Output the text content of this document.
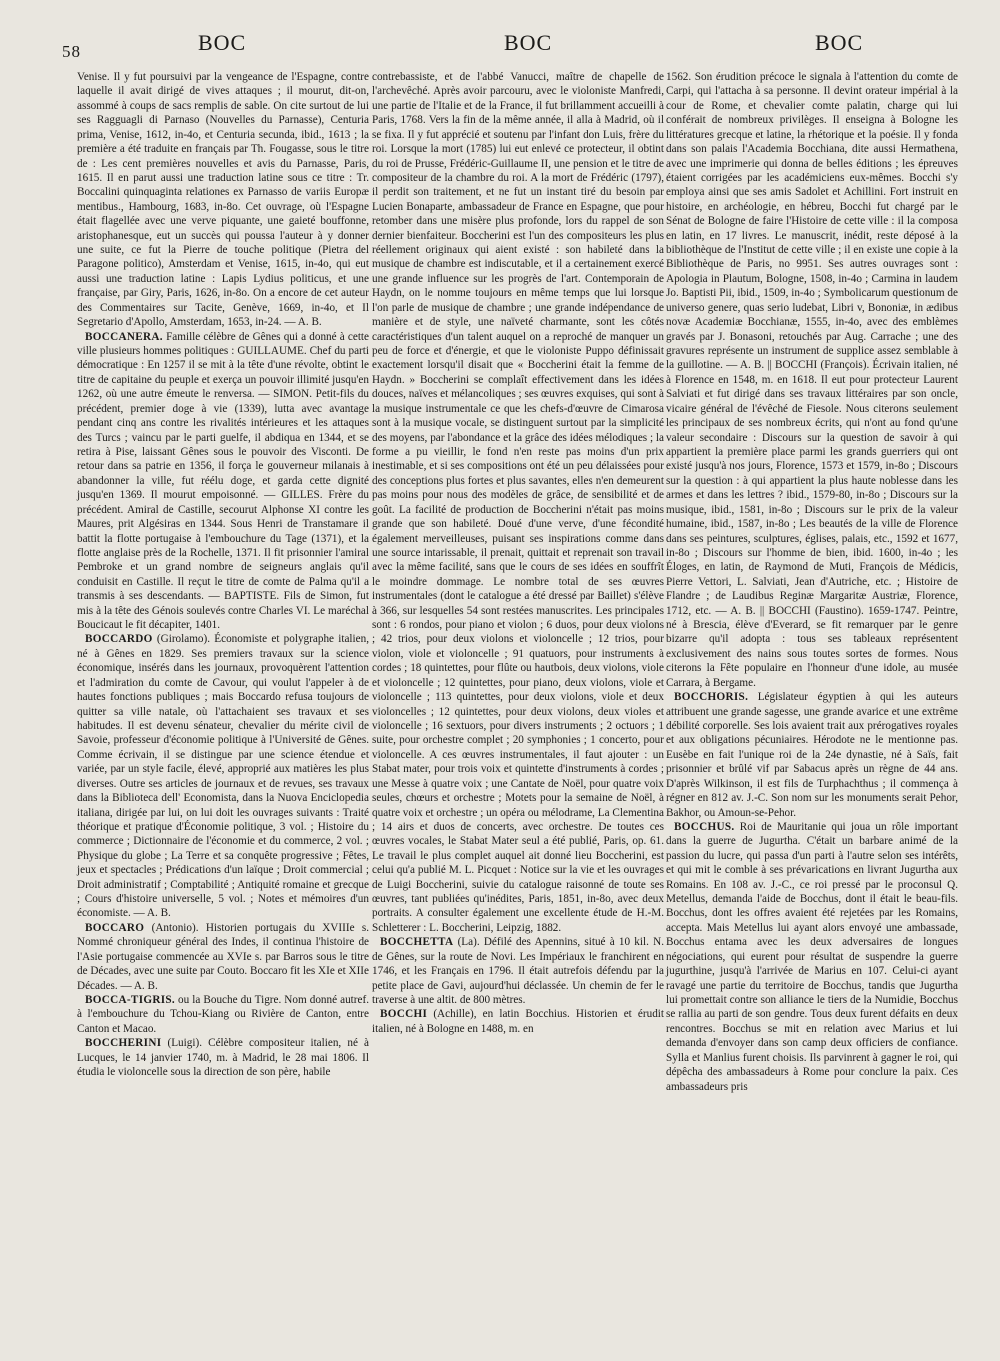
58	BOC	BOC	BOC

Venise. Il y fut poursuivi par la vengeance de l'Espagne, contre laquelle il avait dirigé de vives attaques ; il mourut, dit-on, assommé à coups de sacs remplis de sable. On cite surtout de lui ses Ragguagli di Parnaso (Nouvelles du Parnasse), Centuria prima, Venise, 1612, in-4o, et Centuria secunda, ibid., 1613 ; la première a été traduite en français par Th. Fougasse, sous le titre de : Les cent premières nouvelles et avis du Parnasse, Paris, 1615. Il en parut aussi une traduction latine sous ce titre : Tr. Boccalini quinquaginta relationes ex Parnasso de variis Europæ mentibus., Hambourg, 1683, in-8o. Cet ouvrage, où l'Espagne était flagellée avec une verve piquante, une gaieté bouffonne, aristophanesque, eut un succès qui poussa l'auteur à y donner une suite, ce fut la Pierre de touche politique (Pietra del Paragone politico), Amsterdam et Venise, 1615, in-4o, qui eut aussi une traduction latine : Lapis Lydius politicus, et une française, par Giry, Paris, 1626, in-8o. On a encore de cet auteur des Commentaires sur Tacite, Genève, 1669, in-4o, et Il Segretario d'Apollo, Amsterdam, 1653, in-24. — A. B.

BOCCANERA. Famille célèbre de Gênes qui a donné à cette ville plusieurs hommes politiques : GUILLAUME. Chef du parti démocratique : En 1257 il se mit à la tête d'une révolte, obtint le titre de capitaine du peuple et exerça un pouvoir illimité jusqu'en 1262, où une autre émeute le renversa. — SIMON. Petit-fils du précédent, premier doge à vie (1339), lutta avec avantage pendant cinq ans contre les rivalités intérieures et les attaques des Turcs ; vaincu par le parti guelfe, il abdiqua en 1344, et se retira à Pise, laissant Gênes sous le pouvoir des Visconti. De retour dans sa patrie en 1356, il força le gouverneur milanais à abandonner la ville, fut réélu doge, et garda cette dignité jusqu'en 1369. Il mourut empoisonné. — GILLES. Frère du précédent. Amiral de Castille, secourut Alphonse XI contre les Maures, prit Algésiras en 1344. Sous Henri de Transtamare il battit la flotte portugaise à l'embouchure du Tage (1371), et la flotte anglaise près de la Rochelle, 1371. Il fit prisonnier l'amiral Pembroke et un grand nombre de seigneurs anglais qu'il conduisit en Castille. Il reçut le titre de comte de Palma qu'il a transmis à ses descendants. — BAPTISTE. Fils de Simon, fut mis à la tête des Génois soulevés contre Charles VI. Le maréchal Boucicaut le fit décapiter, 1401.

BOCCARDO (Girolamo). Économiste et polygraphe italien, né à Gênes en 1829. Ses premiers travaux sur la science économique, insérés dans les journaux, provoquèrent l'attention et l'admiration du comte de Cavour, qui voulut l'appeler à de hautes fonctions publiques ; mais Boccardo refusa toujours de quitter sa ville natale, où l'attachaient ses travaux et ses habitudes. Il est devenu sénateur, chevalier du mérite civil de Savoie, professeur d'économie politique à l'Université de Gênes. Comme écrivain, il se distingue par une science étendue et variée, par un style facile, élevé, approprié aux matières les plus diverses. Outre ses articles de journaux et de revues, ses travaux dans la Biblioteca dell' Economista, dans la Nuova Enciclopedia italiana, dirigée par lui, on lui doit les ouvrages suivants : Traité théorique et pratique d'Économie politique, 3 vol. ; Histoire du commerce ; Dictionnaire de l'économie et du commerce, 2 vol. ; Physique du globe ; La Terre et sa conquête progressive ; Fêtes, jeux et spectacles ; Prédications d'un laïque ; Droit commercial ; Droit administratif ; Comptabilité ; Antiquité romaine et grecque ; Cours d'histoire universelle, 5 vol. ; Notes et mémoires d'un économiste. — A. B.

BOCCARO (Antonio). Historien portugais du XVIIIe s. Nommé chroniqueur général des Indes, il continua l'histoire de l'Asie portugaise commencée au XVIe s. par Barros sous le titre de Décades, avec une suite par Couto. Boccaro fit les XIe et XIIe Décades. — A. B.

BOCCA-TIGRIS. ou la Bouche du Tigre. Nom donné autref. à l'embouchure du Tchou-Kiang ou Rivière de Canton, entre Canton et Macao.

BOCCHERINI (Luigi). Célèbre compositeur italien, né à Lucques, le 14 janvier 1740, m. à Madrid, le 28 mai 1806. Il étudia le violoncelle sous la direction de son père, habile

contrebassiste, et de l'abbé Vanucci, maître de chapelle de l'archevêché. Après avoir parcouru, avec le violoniste Manfredi, une partie de l'Italie et de la France, il fut brillamment accueilli à Paris, 1768. Vers la fin de la même année, il alla à Madrid, où il se fixa. Il y fut apprécié et soutenu par l'infant don Luis, frère du roi. Lorsque la mort (1785) lui eut enlevé ce protecteur, il obtint du roi de Prusse, Frédéric-Guillaume II, une pension et le titre de compositeur de la chambre du roi. A la mort de Frédéric (1797), il perdit son traitement, et ne fut un instant tiré du besoin par Lucien Bonaparte, ambassadeur de France en Espagne, que pour retomber dans une misère plus profonde, lors du rappel de son dernier bienfaiteur. Boccherini est l'un des compositeurs les plus réellement originaux qui aient existé : son habileté dans la musique de chambre est indiscutable, et il a certainement exercé une grande influence sur les progrès de l'art. Contemporain de Haydn, on le nomme toujours en même temps que lui lorsque l'on parle de musique de chambre ; une grande indépendance de manière et de style, une naïveté charmante, sont les côtés caractéristiques d'un talent auquel on a reproché de manquer un peu de force et d'énergie, et que le violoniste Puppo définissait exactement lorsqu'il disait que « Boccherini était la femme de Haydn. » Boccherini se complaît effectivement dans les idées douces, naïves et mélancoliques ; ses œuvres exquises, qui sont à la musique instrumentale ce que les chefs-d'œuvre de Cimarosa sont à la musique vocale, se distinguent surtout par la simplicité des moyens, par l'abondance et la grâce des idées mélodiques ; la forme a pu vieillir, le fond n'en reste pas moins d'un prix inestimable, et si ses compositions ont été un peu délaissées pour des conceptions plus fortes et plus savantes, elles n'en demeurent pas moins pour nous des modèles de grâce, de sensibilité et de goût. La facilité de production de Boccherini n'était pas moins grande que son habileté. Doué d'une verve, d'une fécondité également merveilleuses, puisant ses inspirations comme dans une source intarissable, il prenait, quittait et reprenait son travail avec la même facilité, sans que le cours de ses idées en souffrît le moindre dommage. Le nombre total de ses œuvres instrumentales (dont le catalogue a été dressé par Baillet) s'élève à 366, sur lesquelles 54 sont restées manuscrites. Les principales sont : 6 rondos, pour piano et violon ; 6 duos, pour deux violons ; 42 trios, pour deux violons et violoncelle ; 12 trios, pour violon, viole et violoncelle ; 91 quatuors, pour instruments à cordes ; 18 quintettes, pour flûte ou hautbois, deux violons, viole et violoncelle ; 12 quintettes, pour piano, deux violons, viole et violoncelle ; 113 quintettes, pour deux violons, viole et deux violoncelles ; 12 quintettes, pour deux violons, deux violes et violoncelle ; 16 sextuors, pour divers instruments ; 2 octuors ; 1 suite, pour orchestre complet ; 20 symphonies ; 1 concerto, pour violoncelle. A ces œuvres instrumentales, il faut ajouter : un Stabat mater, pour trois voix et quintette d'instruments à cordes ; une Messe à quatre voix ; une Cantate de Noël, pour quatre voix seules, chœurs et orchestre ; Motets pour la semaine de Noël, à quatre voix et orchestre ; un opéra ou mélodrame, La Clementina ; 14 airs et duos de concerts, avec orchestre. De toutes ces œuvres vocales, le Stabat Mater seul a été publié, Paris, op. 61. Le travail le plus complet auquel ait donné lieu Boccherini, est celui qu'a publié M. L. Picquet : Notice sur la vie et les ouvrages de Luigi Boccherini, suivie du catalogue raisonné de toute ses œuvres, tant publiées qu'inédites, Paris, 1851, in-8o, avec deux portraits. A consulter également une excellente étude de H.-M. Schletterer : L. Boccherini, Leipzig, 1882.

BOCCHETTA (La). Défilé des Apennins, situé à 10 kil. N. de Gênes, sur la route de Novi. Les Impériaux le franchirent en 1746, et les Français en 1796. Il était autrefois défendu par la petite place de Gavi, aujourd'hui déclassée. Un chemin de fer le traverse à une altit. de 800 mètres.

BOCCHI (Achille), en latin Bocchius. Historien et érudit italien, né à Bologne en 1488, m. en

1562. Son érudition précoce le signala à l'attention du comte de Carpi, qui l'attacha à sa personne. Il devint orateur impérial à la cour de Rome, et chevalier comte palatin, charge qui lui conférait de nombreux privilèges. Il enseigna à Bologne les littératures grecque et latine, la rhétorique et la poésie. Il y fonda dans son palais l'Academia Bocchiana, dite aussi Hermathena, avec une imprimerie qui donna de belles éditions ; les épreuves étaient corrigées par les académiciens eux-mêmes. Bocchi s'y employa ainsi que ses amis Sadolet et Achillini. Fort instruit en histoire, en archéologie, en hébreu, Bocchi fut chargé par le Sénat de Bologne de faire l'Histoire de cette ville : il la composa en latin, en 17 livres. Le manuscrit, inédit, reste déposé à la bibliothèque de l'Institut de cette ville ; il en existe une copie à la Bibliothèque de Paris, no 9951. Ses autres ouvrages sont : Apologia in Plautum, Bologne, 1508, in-4o ; Carmina in laudem Jo. Baptisti Pii, ibid., 1509, in-4o ; Symbolicarum questionum de universo genere, quas serio ludebat, Libri v, Bononiæ, in ædibus novæ Academiæ Bocchianæ, 1555, in-4o, avec des emblèmes gravés par J. Bonasoni, retouchés par Aug. Carrache ; une des gravures représente un instrument de supplice assez semblable à la guillotine. — A. B. || BOCCHI (François). Écrivain italien, né à Florence en 1548, m. en 1618. Il eut pour protecteur Laurent Salviati et fut dirigé dans ses travaux littéraires par son oncle, vicaire général de l'évêché de Fiesole. Nous citerons seulement les principaux de ses nombreux écrits, qui n'ont au fond qu'une valeur secondaire : Discours sur la question de savoir à qui appartient la première place parmi les grands guerriers qui ont existé jusqu'à nos jours, Florence, 1573 et 1579, in-8o ; Discours sur la question : à qui appartient la plus haute noblesse dans les armes et dans les lettres ? ibid., 1579-80, in-8o ; Discours sur la musique, ibid., 1581, in-8o ; Discours sur le prix de la valeur humaine, ibid., 1587, in-8o ; Les beautés de la ville de Florence dans ses peintures, sculptures, églises, palais, etc., 1592 et 1677, in-8o ; Discours sur l'homme de bien, ibid. 1600, in-4o ; les Éloges, en latin, de Raymond de Muti, François de Médicis, Pierre Vettori, L. Salviati, Jean d'Autriche, etc. ; Histoire de Flandre ; de Laudibus Reginæ Margaritæ Austriæ, Florence, 1712, etc. — A. B. || BOCCHI (Faustino). 1659-1747. Peintre, né à Brescia, élève d'Everard, se fit remarquer par le genre bizarre qu'il adopta : tous ses tableaux représentent exclusivement des nains sous toutes sortes de formes. Nous citerons la Fête populaire en l'honneur d'une idole, au musée Carrara, à Bergame.

BOCCHORIS. Législateur égyptien à qui les auteurs attribuent une grande sagesse, une grande avarice et une extrême débilité corporelle. Ses lois avaient trait aux prérogatives royales et aux obligations pécuniaires. Hérodote ne le mentionne pas. Eusèbe en fait l'unique roi de la 24e dynastie, né à Saïs, fait prisonnier et brûlé vif par Sabacus après un règne de 44 ans. D'après Wilkinson, il est fils de Turphachthus ; il commença à régner en 812 av. J.-C. Son nom sur les monuments serait Pehor, Bakhor, ou Amoun-se-Pehor.

BOCCHUS. Roi de Mauritanie qui joua un rôle important dans la guerre de Jugurtha. C'était un barbare animé de la passion du lucre, qui passa d'un parti à l'autre selon ses intérêts, et qui mit le comble à ses prévarications en livrant Jugurtha aux Romains. En 108 av. J.-C., ce roi pressé par le proconsul Q. Metellus, demanda l'aide de Bocchus, dont il était le beau-fils. Bocchus, dont les offres avaient été rejetées par les Romains, accepta. Mais Metellus lui ayant alors envoyé une ambassade, Bocchus entama avec les deux adversaires de longues négociations, qui eurent pour résultat de suspendre la guerre jugurthine, jusqu'à l'arrivée de Marius en 107. Celui-ci ayant ravagé une partie du territoire de Bocchus, tandis que Jugurtha lui promettait contre son alliance le tiers de la Numidie, Bocchus se rallia au parti de son gendre. Tous deux furent défaits en deux rencontres. Bocchus se mit en relation avec Marius et lui demanda d'envoyer dans son camp deux officiers de confiance. Sylla et Manlius furent choisis. Ils parvinrent à gagner le roi, qui dépêcha des ambassadeurs à Rome pour conclure la paix. Ces ambassadeurs pris
